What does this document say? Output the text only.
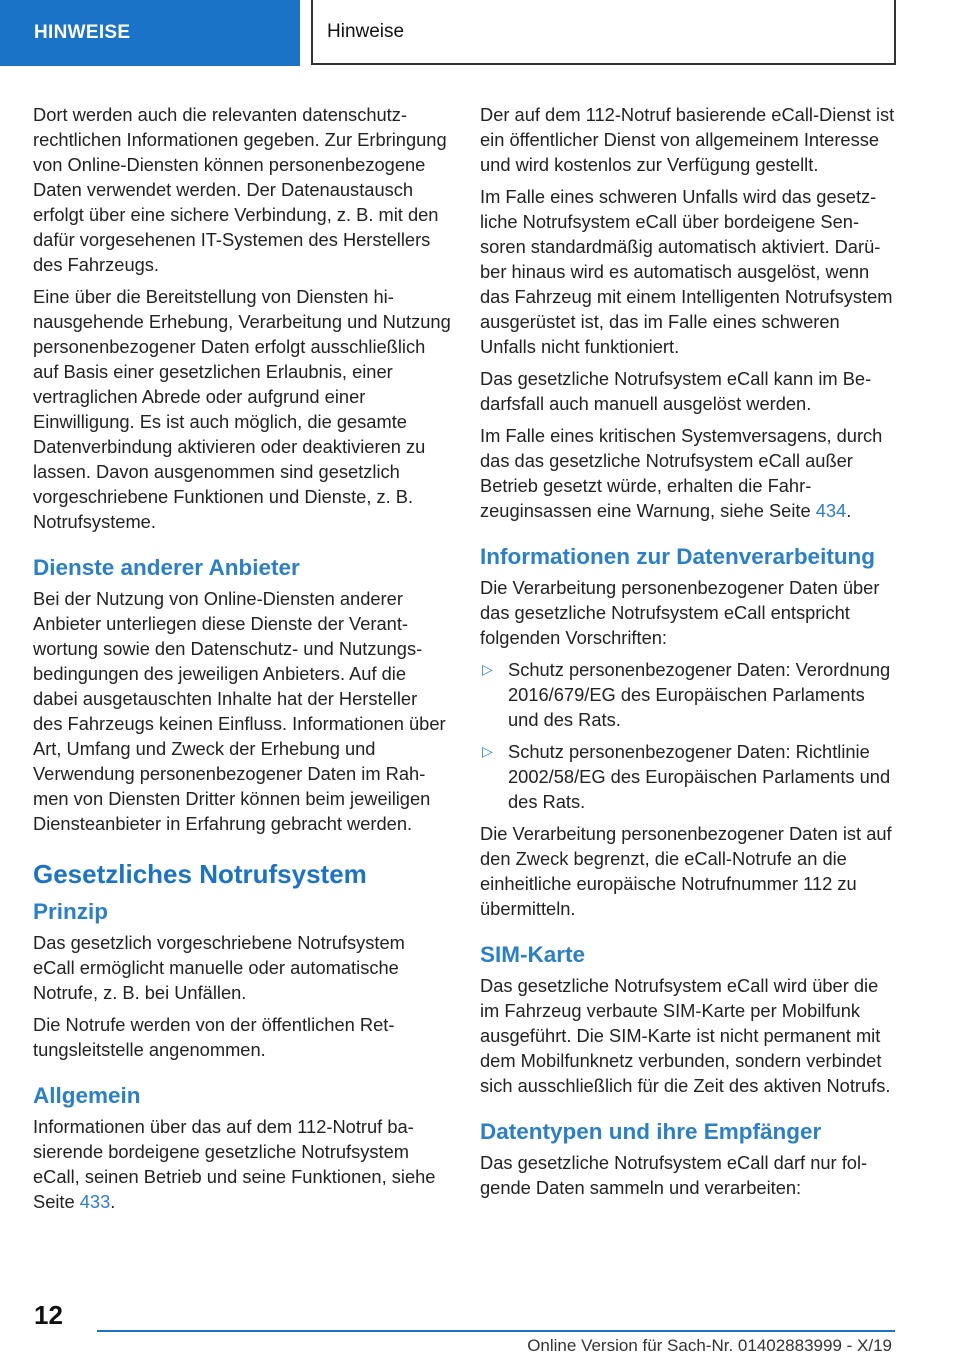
HINWEISE	Hinweise

Dort werden auch die relevanten datenschutzrechtlichen Informationen gegeben. Zur Erbringung von Online-Diensten können personenbezogene Daten verwendet werden. Der Datenaustausch erfolgt über eine sichere Verbindung, z. B. mit den dafür vorgesehenen IT-Systemen des Herstellers des Fahrzeugs.

Eine über die Bereitstellung von Diensten hinausgehende Erhebung, Verarbeitung und Nutzung personenbezogener Daten erfolgt ausschließlich auf Basis einer gesetzlichen Erlaubnis, einer vertraglichen Abrede oder aufgrund einer Einwilligung. Es ist auch möglich, die gesamte Datenverbindung aktivieren oder deaktivieren zu lassen. Davon ausgenommen sind gesetzlich vorgeschriebene Funktionen und Dienste, z. B. Notrufsysteme.

Dienste anderer Anbieter

Bei der Nutzung von Online-Diensten anderer Anbieter unterliegen diese Dienste der Verantwortung sowie den Datenschutz- und Nutzungsbedingungen des jeweiligen Anbieters. Auf die dabei ausgetauschten Inhalte hat der Hersteller des Fahrzeugs keinen Einfluss. Informationen über Art, Umfang und Zweck der Erhebung und Verwendung personenbezogener Daten im Rahmen von Diensten Dritter können beim jeweiligen Diensteanbieter in Erfahrung gebracht werden.

Gesetzliches Notrufsystem
Prinzip

Das gesetzlich vorgeschriebene Notrufsystem eCall ermöglicht manuelle oder automatische Notrufe, z. B. bei Unfällen.

Die Notrufe werden von der öffentlichen Rettungsleitstelle angenommen.

Allgemein

Informationen über das auf dem 112-Notruf basierende bordeigene gesetzliche Notrufsystem eCall, seinen Betrieb und seine Funktionen, siehe Seite 433.

Der auf dem 112-Notruf basierende eCall-Dienst ist ein öffentlicher Dienst von allgemeinem Interesse und wird kostenlos zur Verfügung gestellt.

Im Falle eines schweren Unfalls wird das gesetzliche Notrufsystem eCall über bordeigene Sensoren standardmäßig automatisch aktiviert. Darüber hinaus wird es automatisch ausgelöst, wenn das Fahrzeug mit einem Intelligenten Notrufsystem ausgerüstet ist, das im Falle eines schweren Unfalls nicht funktioniert.

Das gesetzliche Notrufsystem eCall kann im Bedarfsfall auch manuell ausgelöst werden.

Im Falle eines kritischen Systemversagens, durch das das gesetzliche Notrufsystem eCall außer Betrieb gesetzt würde, erhalten die Fahrzeuginsassen eine Warnung, siehe Seite 434.

Informationen zur Datenverarbeitung

Die Verarbeitung personenbezogener Daten über das gesetzliche Notrufsystem eCall entspricht folgenden Vorschriften:

▷ Schutz personenbezogener Daten: Verordnung 2016/679/EG des Europäischen Parlaments und des Rats.
▷ Schutz personenbezogener Daten: Richtlinie 2002/58/EG des Europäischen Parlaments und des Rats.

Die Verarbeitung personenbezogener Daten ist auf den Zweck begrenzt, die eCall-Notrufe an die einheitliche europäische Notrufnummer 112 zu übermitteln.

SIM-Karte

Das gesetzliche Notrufsystem eCall wird über die im Fahrzeug verbaute SIM-Karte per Mobilfunk ausgeführt. Die SIM-Karte ist nicht permanent mit dem Mobilfunknetz verbunden, sondern verbindet sich ausschließlich für die Zeit des aktiven Notrufs.

Datentypen und ihre Empfänger

Das gesetzliche Notrufsystem eCall darf nur folgende Daten sammeln und verarbeiten:

12
Online Version für Sach-Nr. 01402883999 - X/19
